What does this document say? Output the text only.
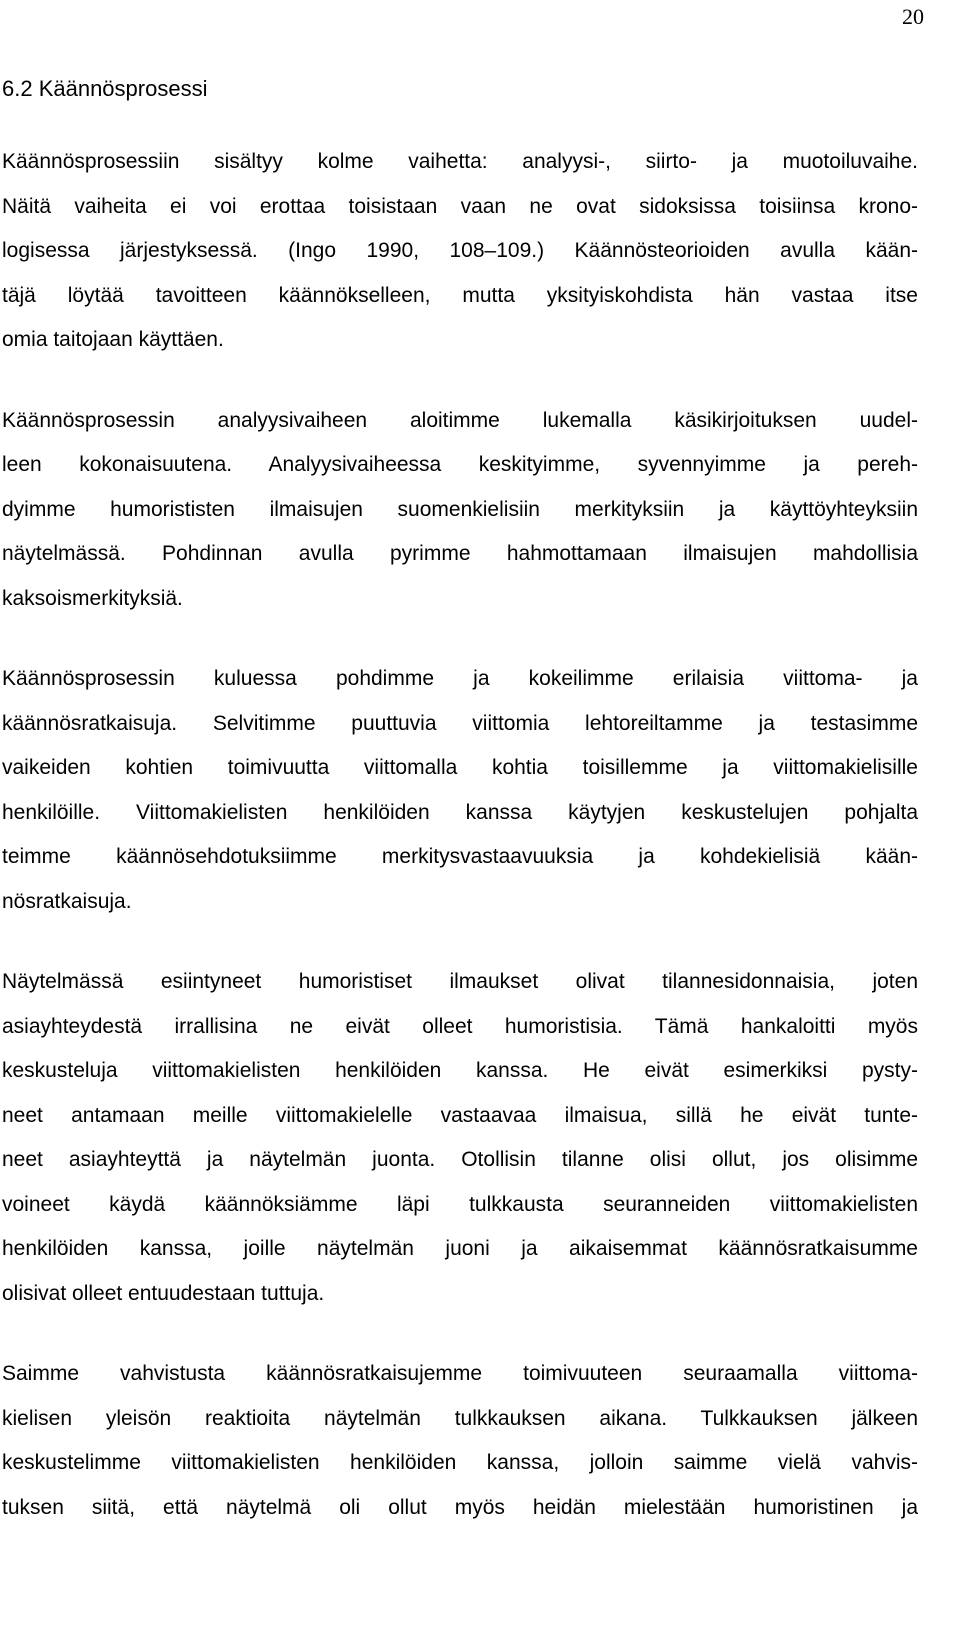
20
6.2 Käännösprosessi
Käännösprosessiin sisältyy kolme vaihetta: analyysi-, siirto- ja muotoiluvaihe.
Näitä vaiheita ei voi erottaa toisistaan vaan ne ovat sidoksissa toisiinsa krono-
logisessa järjestyksessä. (Ingo 1990, 108–109.) Käännösteorioiden avulla kään-
täjä löytää tavoitteen käännökselleen, mutta yksityiskohdista hän vastaa itse
omia taitojaan käyttäen.
Käännösprosessin analyysivaiheen aloitimme lukemalla käsikirjoituksen uudel-
leen kokonaisuutena. Analyysivaiheessa keskityimme, syvennyimme ja pereh-
dyimme humorististen ilmaisujen suomenkielisiin merkityksiin ja käyttöyhteyksiin
näytelmässä. Pohdinnan avulla pyrimme hahmottamaan ilmaisujen mahdollisia
kaksoismerkityksiä.
Käännösprosessin kuluessa pohdimme ja kokeilimme erilaisia viittoma- ja
käännösratkaisuja. Selvitimme puuttuvia viittomia lehtoreiltamme ja testasimme
vaikeiden kohtien toimivuutta viittomalla kohtia toisillemme ja viittomakielisille
henkilöille. Viittomakielisten henkilöiden kanssa käytyjen keskustelujen pohjalta
teimme käännösehdotuksiimme merkitysvastaavuuksia ja kohdekielisiä kään-
nösratkaisuja.
Näytelmässä esiintyneet humoristiset ilmaukset olivat tilannesidonnaisia, joten
asiayhteydestä irrallisina ne eivät olleet humoristisia. Tämä hankaloitti myös
keskusteluja viittomakielisten henkilöiden kanssa. He eivät esimerkiksi pysty-
neet antamaan meille viittomakielelle vastaavaa ilmaisua, sillä he eivät tunte-
neet asiayhteyttä ja näytelmän juonta. Otollisin tilanne olisi ollut, jos olisimme
voineet käydä käännöksiämme läpi tulkkausta seuranneiden viittomakielisten
henkilöiden kanssa, joille näytelmän juoni ja aikaisemmat käännösratkaisumme
olisivat olleet entuudestaan tuttuja.
Saimme vahvistusta käännösratkaisujemme toimivuuteen seuraamalla viittoma-
kielisen yleisön reaktioita näytelmän tulkkauksen aikana. Tulkkauksen jälkeen
keskustelimme viittomakielisten henkilöiden kanssa, jolloin saimme vielä vahvis-
tuksen siitä, että näytelmä oli ollut myös heidän mielestään humoristinen ja
